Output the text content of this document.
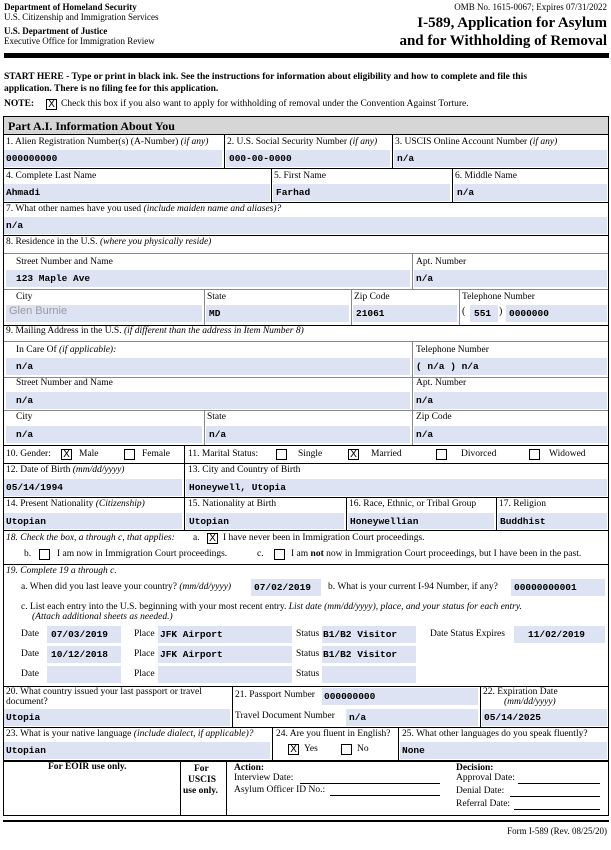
Department of Homeland Security
U.S. Citizenship and Immigration Services
U.S. Department of Justice
Executive Office for Immigration Review
OMB No. 1615-0067; Expires 07/31/2022
I-589, Application for Asylum
and for Withholding of Removal
START HERE - Type or print in black ink. See the instructions for information about eligibility and how to complete and file this
application. There is no filing fee for this application.
NOTE: X Check this box if you also want to apply for withholding of removal under the Convention Against Torture.
Part A.I. Information About You
1. Alien Registration Number(s) (A-Number) (if any)
000000000
2. U.S. Social Security Number (if any)
000-00-0000
3. USCIS Online Account Number (if any)
n/a
4. Complete Last Name
Ahmadi
5. First Name
Farhad
6. Middle Name
n/a
7. What other names have you used (include maiden name and aliases)?
n/a
8. Residence in the U.S. (where you physically reside)
Street Number and Name
123 Maple Ave
Apt. Number
n/a
City
Glen Burnie
State
MD
Zip Code
21061
Telephone Number
( 551 ) 0000000
9. Mailing Address in the U.S. (if different than the address in Item Number 8)
In Care Of (if applicable):
n/a
Telephone Number
( n/a ) n/a
Street Number and Name
n/a
Apt. Number
n/a
City
n/a
State
n/a
Zip Code
n/a
10. Gender: X Male	Female 11. Marital Status:	Single	X Married	Divorced	Widowed
12. Date of Birth (mm/dd/yyyy)
05/14/1994
13. City and Country of Birth
Honeywell, Utopia
14. Present Nationality (Citizenship)
Utopian
15. Nationality at Birth
Utopian
16. Race, Ethnic, or Tribal Group
Honeywellian
17. Religion
Buddhist
18. Check the box, a through c, that applies: a. X I have never been in Immigration Court proceedings.
b.	I am now in Immigration Court proceedings.	c.	I am not now in Immigration Court proceedings, but I have been in the past.
19. Complete 19 a through c.
a. When did you last leave your country? (mm/dd/yyyy) 07/02/2019 b. What is your current I-94 Number, if any? 00000000001
c. List each entry into the U.S. beginning with your most recent entry. List date (mm/dd/yyyy), place, and your status for each entry.
(Attach additional sheets as needed.)
Date 07/03/2019	Place JFK Airport	Status B1/B2 Visitor	Date Status Expires 11/02/2019
Date 10/12/2018	Place JFK Airport	Status B1/B2 Visitor
Date	Place	Status
20. What country issued your last passport or travel
document?
Utopia
21. Passport Number 000000000
Travel Document Number n/a
22. Expiration Date
(mm/dd/yyyy)
05/14/2025
23. What is your native language (include dialect, if applicable)?
Utopian
24. Are you fluent in English?
X Yes	No
25. What other languages do you speak fluently?
None
For EOIR use only.	For
USCIS
use only.
Action:
Interview Date:
Asylum Officer ID No.:
Decision:
Approval Date:
Denial Date:
Referral Date:
Form I-589 (Rev. 08/25/20)
